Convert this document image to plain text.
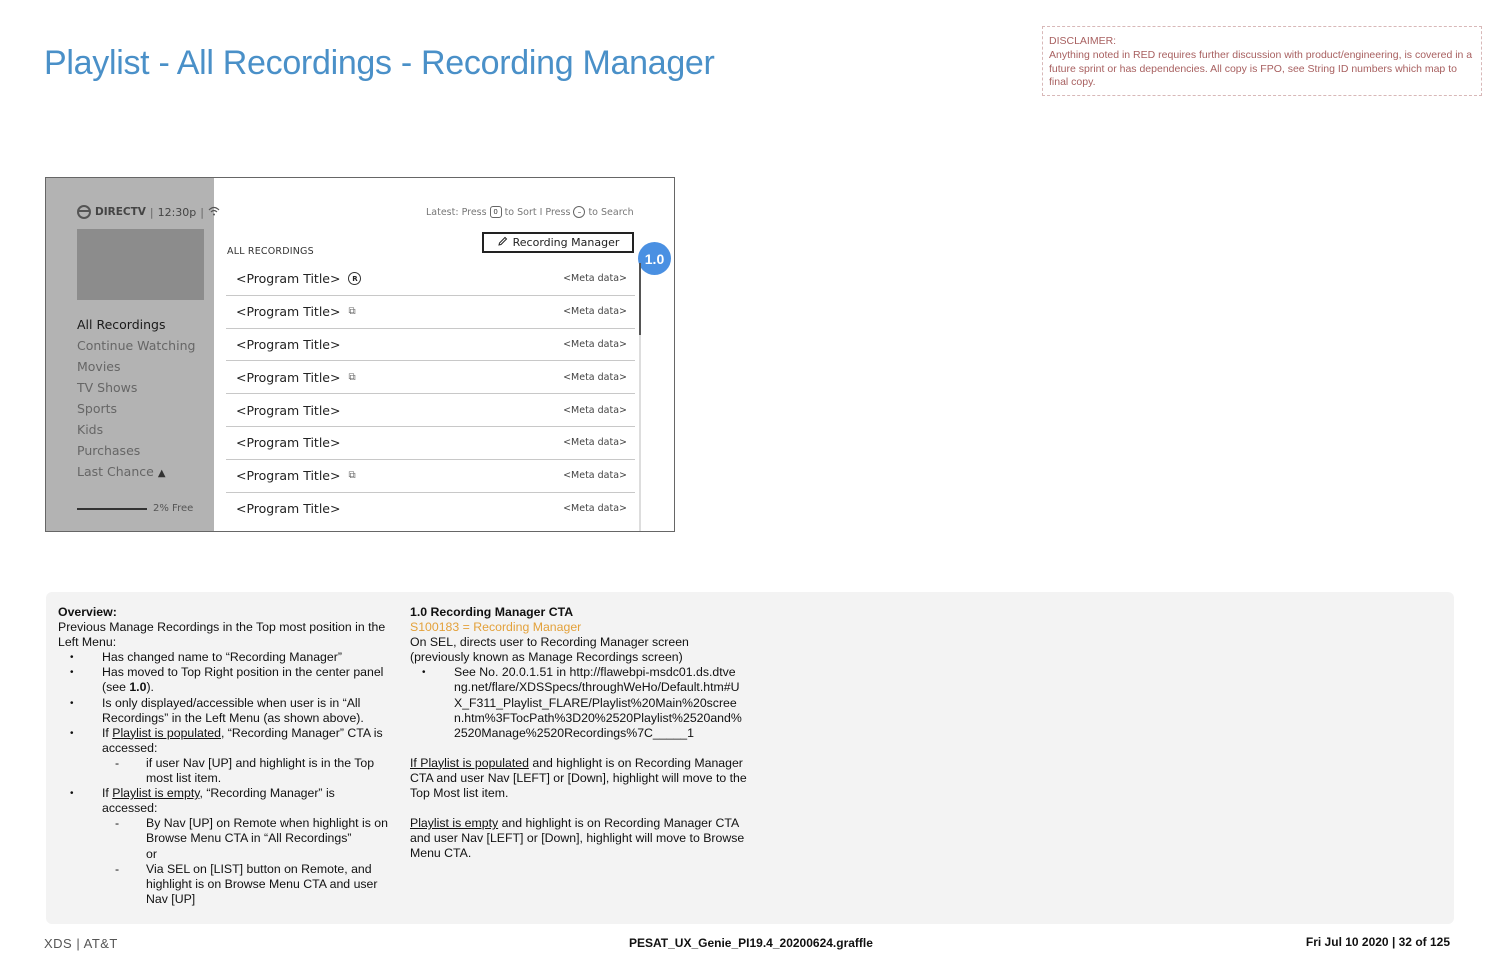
Playlist - All Recordings - Recording Manager
DISCLAIMER:
Anything noted in RED requires further discussion with product/engineering, is covered in a future sprint or has dependencies. All copy is FPO, see String ID numbers which map to final copy.
DIRECTV | 12:30p |
All Recordings
Continue Watching
Movies
TV Shows
Sports
Kids
Purchases
Last Chance ▲
2% Free
Latest: Press 0 to Sort I Press	– to Search
ALL RECORDINGS
Recording Manager
1.0
<Program Title>	R	<Meta data>
<Program Title> ⧉	<Meta data>
<Program Title>	<Meta data>
<Program Title> ⧉	<Meta data>
<Program Title>	<Meta data>
<Program Title>	<Meta data>
<Program Title> ⧉	<Meta data>
<Program Title>	<Meta data>
Overview:
Previous Manage Recordings in the Top most position in the Left Menu:
• Has changed name to “Recording Manager”
• Has moved to Top Right position in the center panel (see 1.0).
• Is only displayed/accessible when user is in “All Recordings” in the Left Menu (as shown above).
• If Playlist is populated, “Recording Manager” CTA is accessed:
- if user Nav [UP] and highlight is in the Top most list item.
• If Playlist is empty, “Recording Manager” is accessed:
- By Nav [UP] on Remote when highlight is on Browse Menu CTA in “All Recordings”
or
- Via SEL on [LIST] button on Remote, and highlight is on Browse Menu CTA and user Nav [UP]
1.0 Recording Manager CTA
S100183 = Recording Manager
On SEL, directs user to Recording Manager screen (previously known as Manage Recordings screen)
• See No. 20.0.1.51 in http://flawebpi-msdc01.ds.dtveng.net/flare/XDSSpecs/throughWeHo/Default.htm#UX_F311_Playlist_FLARE/Playlist%20Main%20screen.htm%3FTocPath%3D20%2520Playlist%2520and%2520Manage%2520Recordings%7C_____1
If Playlist is populated and highlight is on Recording Manager CTA and user Nav [LEFT] or [Down], highlight will move to the Top Most list item.
Playlist is empty and highlight is on Recording Manager CTA and user Nav [LEFT] or [Down], highlight will move to Browse Menu CTA.
XDS | AT&T	PESAT_UX_Genie_PI19.4_20200624.graffle	Fri Jul 10 2020 | 32 of 125
